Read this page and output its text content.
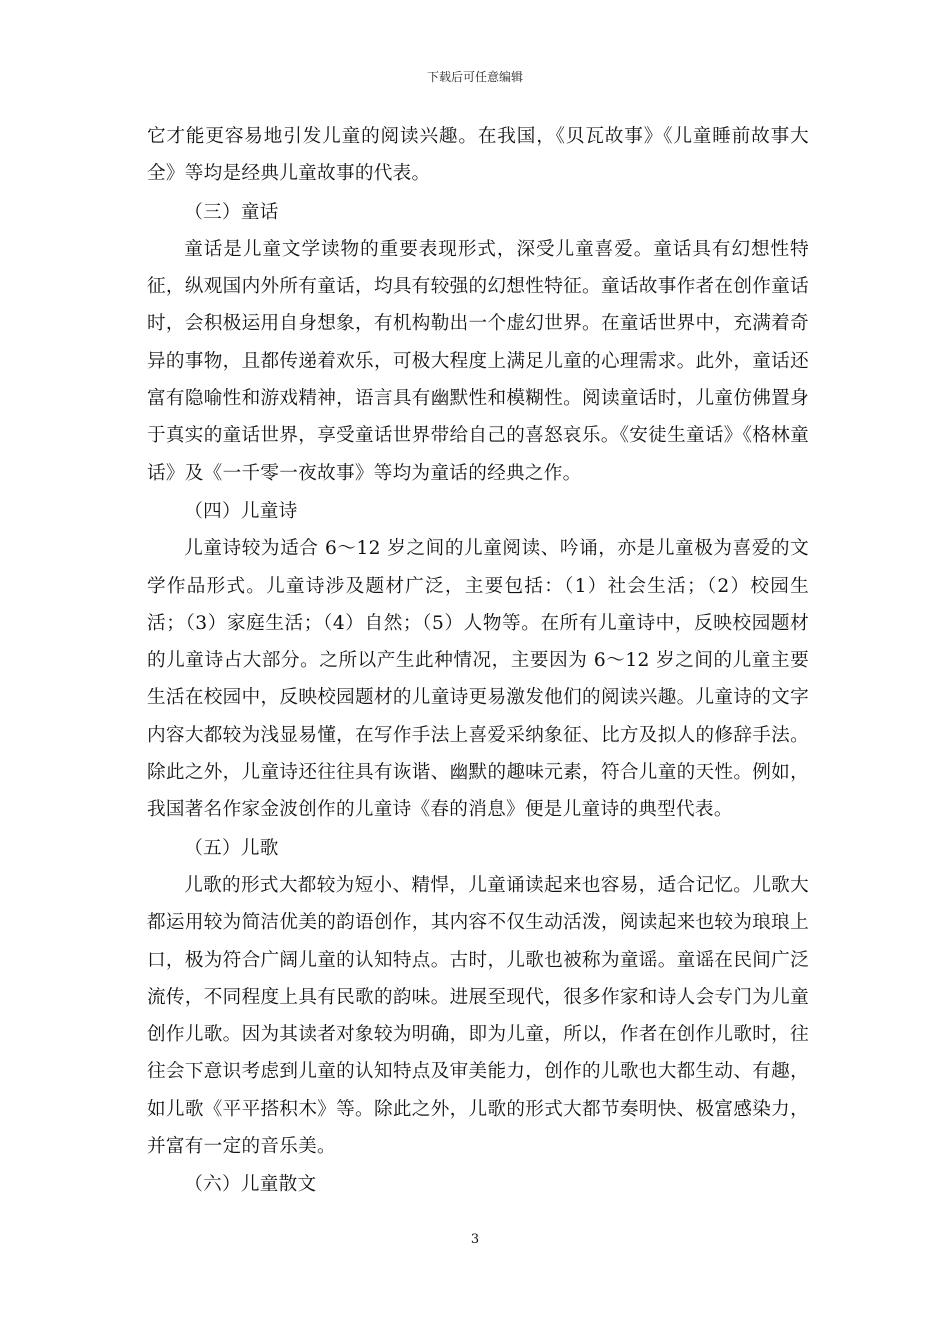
下载后可任意编辑

它才能更容易地引发儿童的阅读兴趣。在我国，《贝瓦故事》《儿童睡前故事大全》等均是经典儿童故事的代表。

（三）童话

童话是儿童文学读物的重要表现形式，深受儿童喜爱。童话具有幻想性特征，纵观国内外所有童话，均具有较强的幻想性特征。童话故事作者在创作童话时，会积极运用自身想象，有机构勒出一个虚幻世界。在童话世界中，充满着奇异的事物，且都传递着欢乐，可极大程度上满足儿童的心理需求。此外，童话还富有隐喻性和游戏精神，语言具有幽默性和模糊性。阅读童话时，儿童仿佛置身于真实的童话世界，享受童话世界带给自己的喜怒哀乐。《安徒生童话》《格林童话》及《一千零一夜故事》等均为童话的经典之作。

（四）儿童诗

儿童诗较为适合 6～12 岁之间的儿童阅读、吟诵，亦是儿童极为喜爱的文学作品形式。儿童诗涉及题材广泛，主要包括：（1）社会生活；（2）校园生活；（3）家庭生活；（4）自然；（5）人物等。在所有儿童诗中，反映校园题材的儿童诗占大部分。之所以产生此种情况，主要因为 6～12 岁之间的儿童主要生活在校园中，反映校园题材的儿童诗更易激发他们的阅读兴趣。儿童诗的文字内容大都较为浅显易懂，在写作手法上喜爱采纳象征、比方及拟人的修辞手法。除此之外，儿童诗还往往具有诙谐、幽默的趣味元素，符合儿童的天性。例如，我国著名作家金波创作的儿童诗《春的消息》便是儿童诗的典型代表。

（五）儿歌

儿歌的形式大都较为短小、精悍，儿童诵读起来也容易，适合记忆。儿歌大都运用较为简洁优美的韵语创作，其内容不仅生动活泼，阅读起来也较为琅琅上口，极为符合广阔儿童的认知特点。古时，儿歌也被称为童谣。童谣在民间广泛流传，不同程度上具有民歌的韵味。进展至现代，很多作家和诗人会专门为儿童创作儿歌。因为其读者对象较为明确，即为儿童，所以，作者在创作儿歌时，往往会下意识考虑到儿童的认知特点及审美能力，创作的儿歌也大都生动、有趣，如儿歌《平平搭积木》等。除此之外，儿歌的形式大都节奏明快、极富感染力，并富有一定的音乐美。

（六）儿童散文

3
